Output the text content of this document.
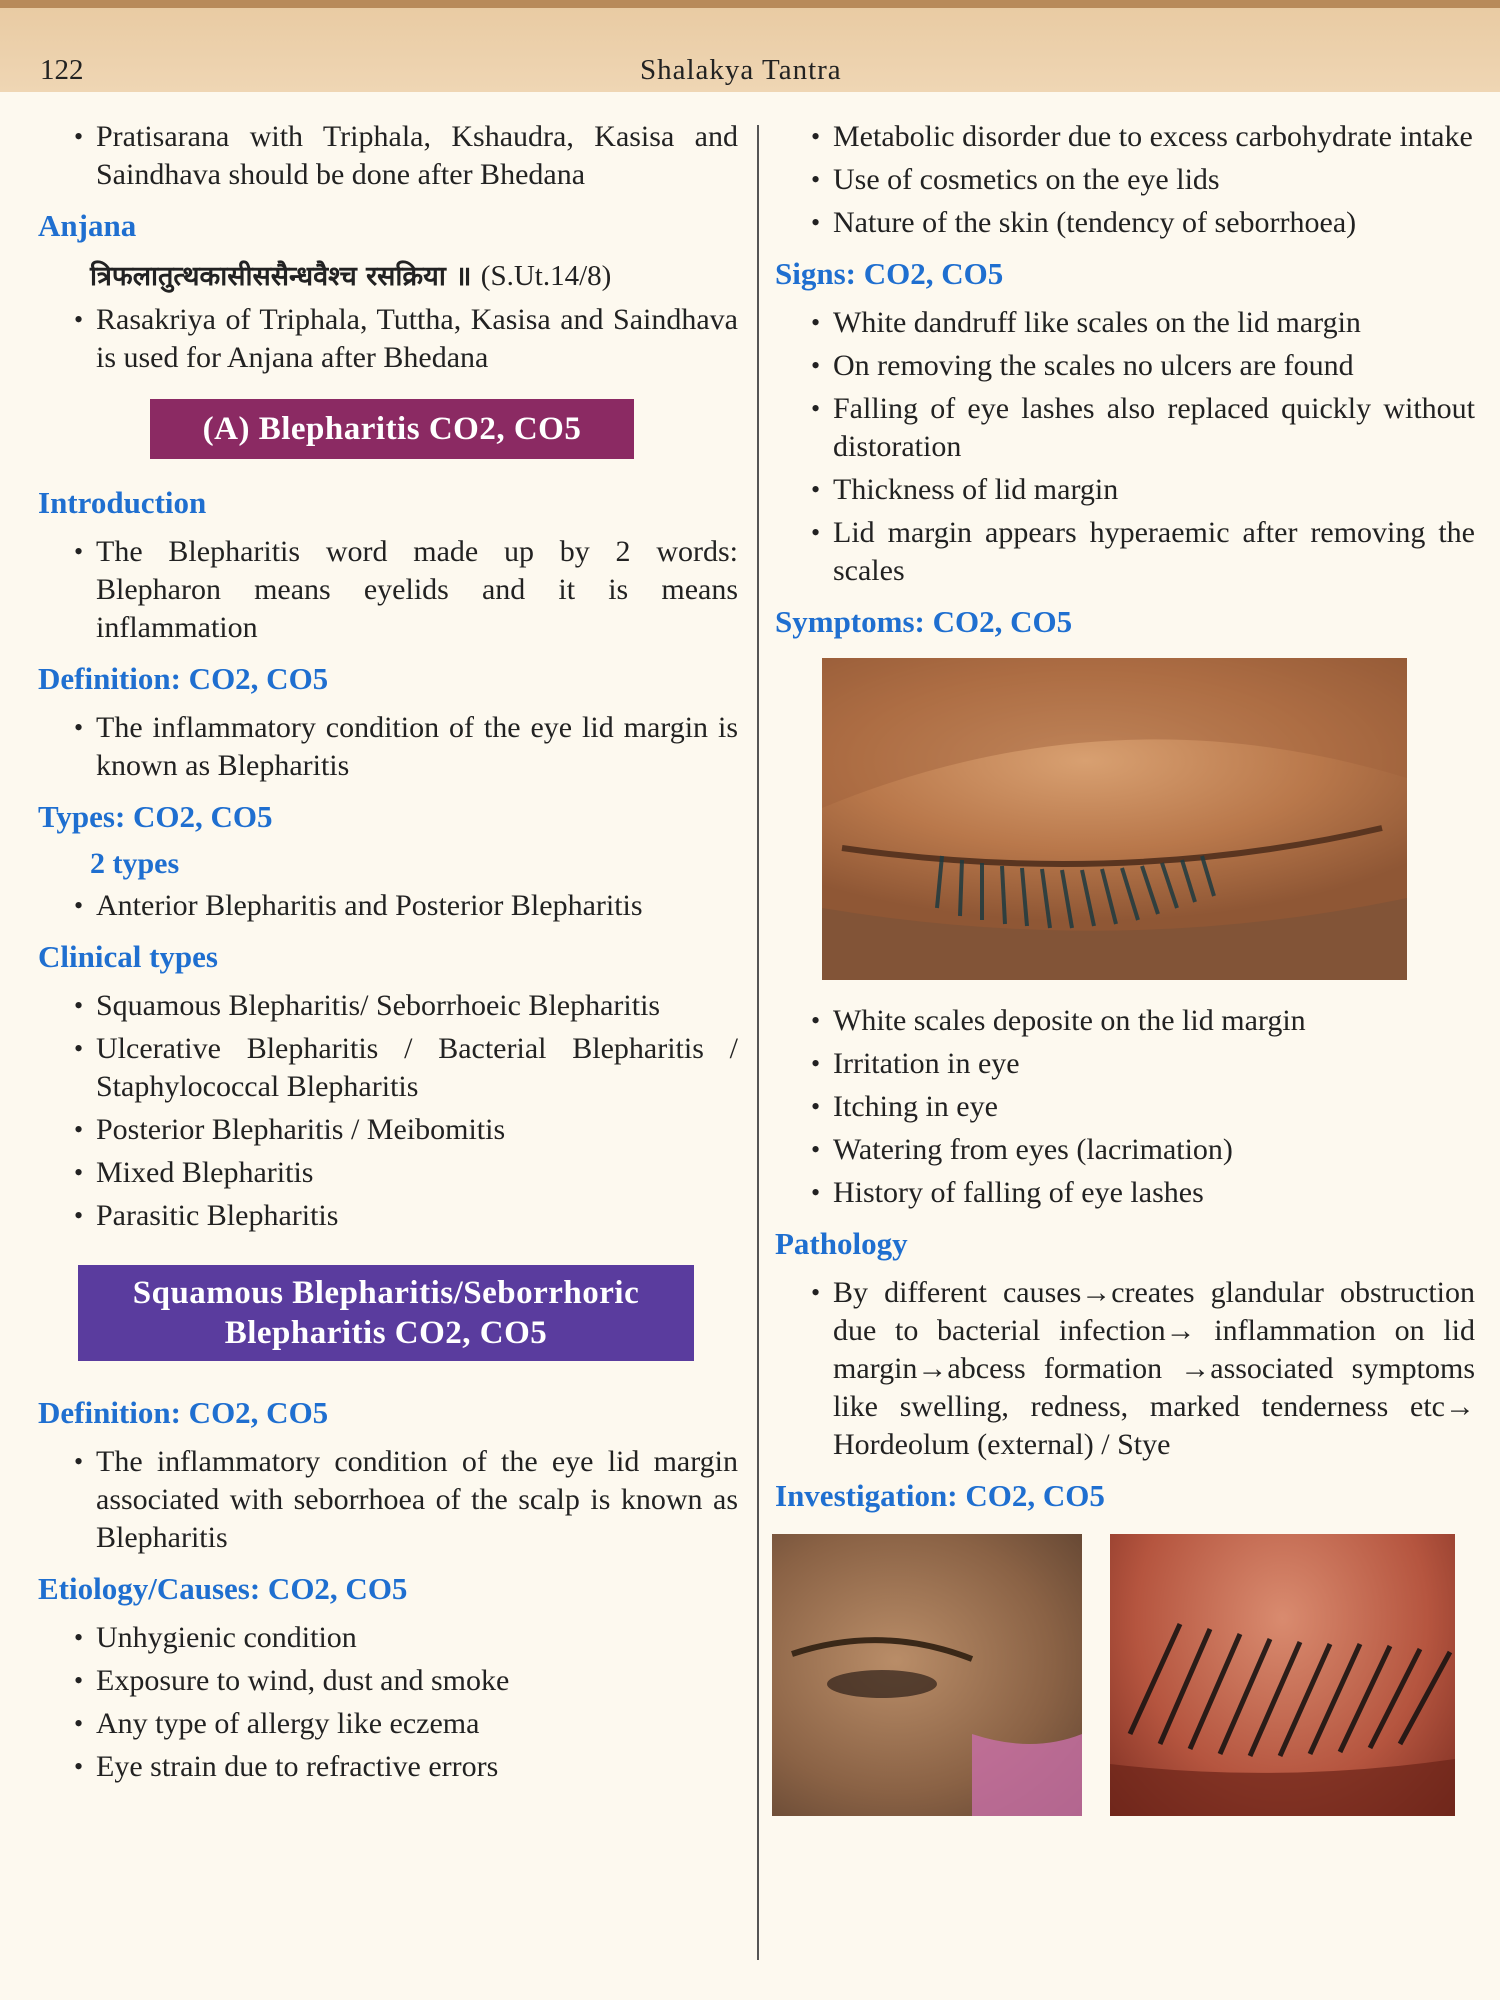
122	Shalakya Tantra
• Pratisarana with Triphala, Kshaudra, Kasisa and Saindhava should be done after Bhedana
Anjana
त्रिफलातुत्थकासीससैन्धवैश्च रसक्रिया ॥ (S.Ut.14/8)
• Rasakriya of Triphala, Tuttha, Kasisa and Saindhava is used for Anjana after Bhedana
(A) Blepharitis CO2, CO5
Introduction
• The Blepharitis word made up by 2 words: Blepharon means eyelids and it is means inflammation
Definition: CO2, CO5
• The inflammatory condition of the eye lid margin is known as Blepharitis
Types: CO2, CO5
2 types
• Anterior Blepharitis and Posterior Blepharitis
Clinical types
• Squamous Blepharitis/ Seborrhoeic Blepharitis
• Ulcerative Blepharitis / Bacterial Blepharitis / Staphylococcal Blepharitis
• Posterior Blepharitis / Meibomitis
• Mixed Blepharitis
• Parasitic Blepharitis
Squamous Blepharitis/Seborrhoric
Blepharitis CO2, CO5
Definition: CO2, CO5
• The inflammatory condition of the eye lid margin associated with seborrhoea of the scalp is known as Blepharitis
Etiology/Causes: CO2, CO5
• Unhygienic condition
• Exposure to wind, dust and smoke
• Any type of allergy like eczema
• Eye strain due to refractive errors
• Metabolic disorder due to excess carbohydrate intake
• Use of cosmetics on the eye lids
• Nature of the skin (tendency of seborrhoea)
Signs: CO2, CO5
• White dandruff like scales on the lid margin
• On removing the scales no ulcers are found
• Falling of eye lashes also replaced quickly without distoration
• Thickness of lid margin
• Lid margin appears hyperaemic after removing the scales
Symptoms: CO2, CO5
• White scales deposite on the lid margin
• Irritation in eye
• Itching in eye
• Watering from eyes (lacrimation)
• History of falling of eye lashes
Pathology
• By different causes→creates glandular obstruction due to bacterial infection→ inflammation on lid margin→abcess formation →associated symptoms like swelling, redness, marked tenderness etc→ Hordeolum (external) / Stye
Investigation: CO2, CO5
